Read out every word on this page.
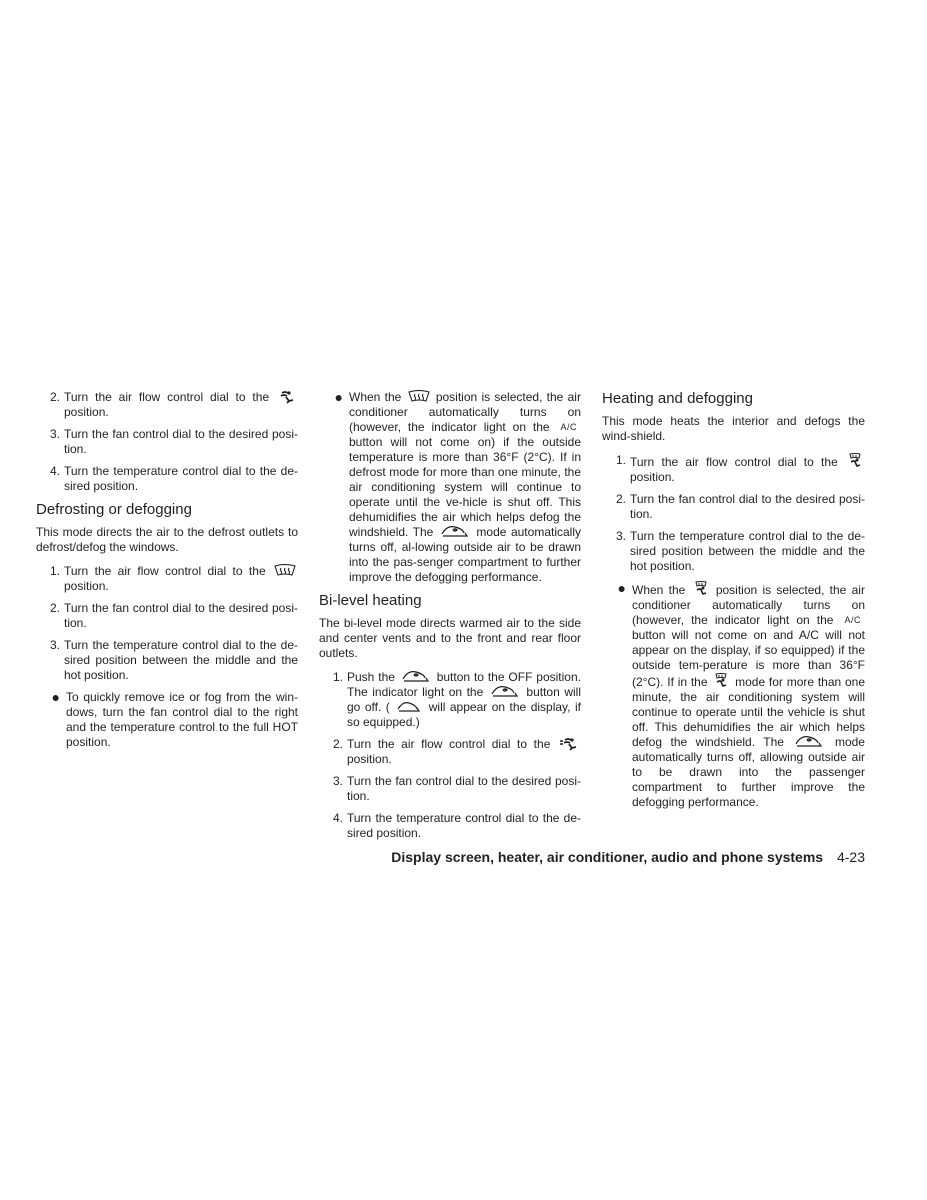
2. Turn the air flow control dial to the
position.
3. Turn the fan control dial to the desired posi-tion.
4. Turn the temperature control dial to the de-sired position.
Defrosting or defogging

This mode directs the air to the defrost outlets to defrost/defog the windows.

1. Turn the air flow control dial to the
position.
2. Turn the fan control dial to the desired posi-tion.
3. Turn the temperature control dial to the de-sired position between the middle and the hot position.
● To quickly remove ice or fog from the win-dows, turn the fan control dial to the right and the temperature control to the full HOT position.
● When the	position is selected, the air conditioner automatically turns on (however, the indicator light on the A/C button will not come on) if the outside temperature is more than 36°F (2°C). If in defrost mode for more than one minute, the air conditioning system will continue to operate until the ve-hicle is shut off. This dehumidifies the air which helps defog the windshield. The	mode automatically turns off, al-lowing outside air to be drawn into the pas-senger compartment to further improve the defogging performance.
Bi-level heating

The bi-level mode directs warmed air to the side and center vents and to the front and rear floor outlets.

1. Push the	button to the OFF position. The indicator light on the	button will go off. (	will appear on the display, if so equipped.)
2. Turn the air flow control dial to the
position.
3. Turn the fan control dial to the desired posi-tion.
4. Turn the temperature control dial to the de-sired position.
Heating and defogging

This mode heats the interior and defogs the wind-shield.

1. Turn the air flow control dial to the
position.
2. Turn the fan control dial to the desired posi-tion.
3. Turn the temperature control dial to the de-sired position between the middle and the hot position.
● When the	position is selected, the air conditioner automatically turns on (however, the indicator light on the A/C button will not come on and A/C will not appear on the display, if so equipped) if the outside tem-perature is more than 36°F (2°C). If in the mode for more than one minute, the air conditioning system will continue to operate until the vehicle is shut off. This dehumidifies the air which helps defog the windshield. The	mode automatically turns off, allowing outside air to be drawn into the passenger compartment to further improve the defogging performance.
Display screen, heater, air conditioner, audio and phone systems 4-23
